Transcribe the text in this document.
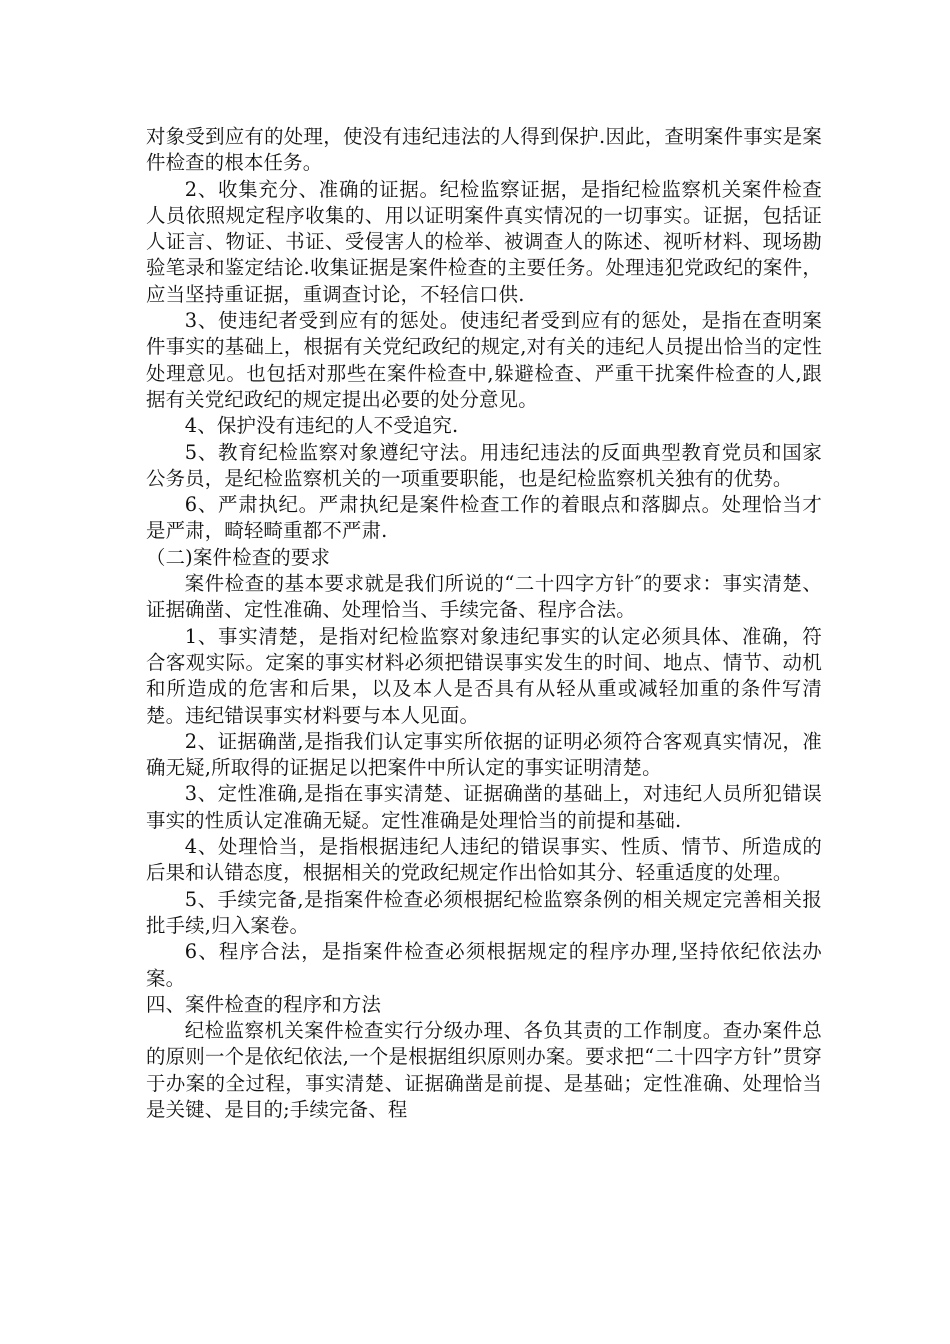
对象受到应有的处理，使没有违纪违法的人得到保护.因此，查明案件事实是案件检查的根本任务。

2、收集充分、准确的证据。纪检监察证据，是指纪检监察机关案件检查人员依照规定程序收集的、用以证明案件真实情况的一切事实。证据，包括证人证言、物证、书证、受侵害人的检举、被调查人的陈述、视听材料、现场勘验笔录和鉴定结论.收集证据是案件检查的主要任务。处理违犯党政纪的案件，应当坚持重证据，重调查讨论，不轻信口供.

3、使违纪者受到应有的惩处。使违纪者受到应有的惩处，是指在查明案件事实的基础上，根据有关党纪政纪的规定,对有关的违纪人员提出恰当的定性处理意见。也包括对那些在案件检查中,躲避检查、严重干扰案件检查的人,跟据有关党纪政纪的规定提出必要的处分意见。

4、保护没有违纪的人不受追究.

5、教育纪检监察对象遵纪守法。用违纪违法的反面典型教育党员和国家公务员，是纪检监察机关的一项重要职能，也是纪检监察机关独有的优势。

6、严肃执纪。严肃执纪是案件检查工作的着眼点和落脚点。处理恰当才是严肃，畸轻畸重都不严肃.

（二)案件检查的要求

案件检查的基本要求就是我们所说的“二十四字方针″的要求：事实清楚、证据确凿、定性准确、处理恰当、手续完备、程序合法。

1、事实清楚，是指对纪检监察对象违纪事实的认定必须具体、准确，符合客观实际。定案的事实材料必须把错误事实发生的时间、地点、情节、动机和所造成的危害和后果，以及本人是否具有从轻从重或减轻加重的条件写清楚。违纪错误事实材料要与本人见面。

2、证据确凿,是指我们认定事实所依据的证明必须符合客观真实情况，准确无疑,所取得的证据足以把案件中所认定的事实证明清楚。

3、定性准确,是指在事实清楚、证据确凿的基础上，对违纪人员所犯错误事实的性质认定准确无疑。定性准确是处理恰当的前提和基础.

4、处理恰当，是指根据违纪人违纪的错误事实、性质、情节、所造成的后果和认错态度，根据相关的党政纪规定作出恰如其分、轻重适度的处理。

5、手续完备,是指案件检查必须根据纪检监察条例的相关规定完善相关报批手续,归入案卷。

6、程序合法，是指案件检查必须根据规定的程序办理,坚持依纪依法办案。

四、案件检查的程序和方法

纪检监察机关案件检查实行分级办理、各负其责的工作制度。查办案件总的原则一个是依纪依法,一个是根据组织原则办案。要求把“二十四字方针”贯穿于办案的全过程，事实清楚、证据确凿是前提、是基础；定性准确、处理恰当是关键、是目的;手续完备、程
